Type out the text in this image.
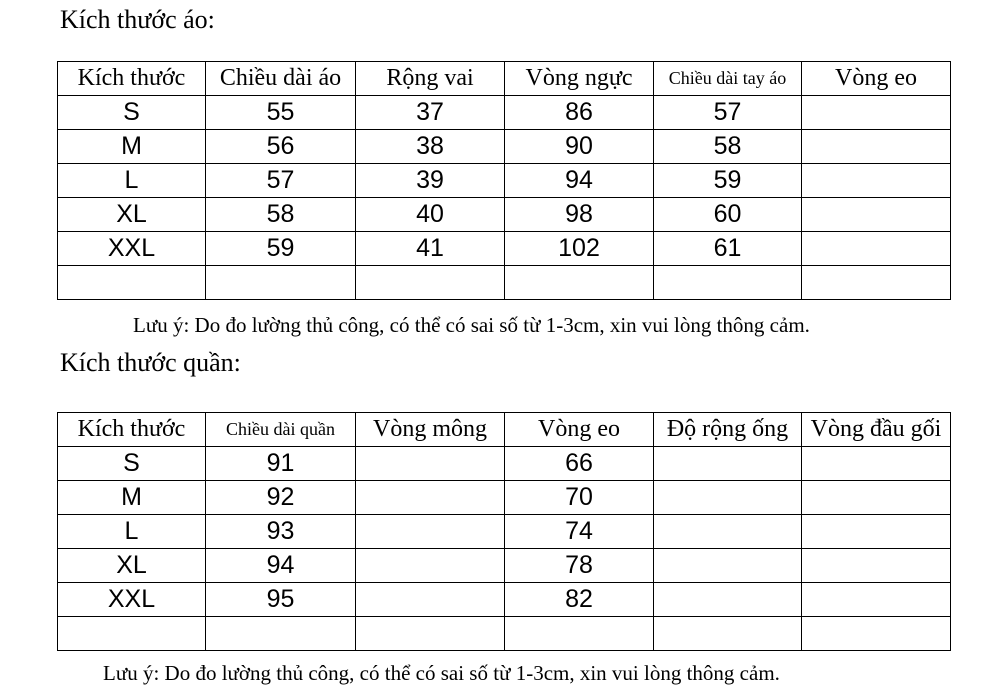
Kích thước áo:
Kích thước	Chiều dài áo	Rộng vai	Vòng ngực	Chiều dài tay áo	Vòng eo
S	55	37	86	57	
M	56	38	90	58	
L	57	39	94	59	
XL	58	40	98	60	
XXL	59	41	102	61	

Lưu ý: Do đo lường thủ công, có thể có sai số từ 1-3cm, xin vui lòng thông cảm.
Kích thước quần:
Kích thước	Chiều dài quần	Vòng mông	Vòng eo	Độ rộng ống	Vòng đầu gối
S	91		66		
M	92		70		
L	93		74		
XL	94		78		
XXL	95		82		

Lưu ý: Do đo lường thủ công, có thể có sai số từ 1-3cm, xin vui lòng thông cảm.
